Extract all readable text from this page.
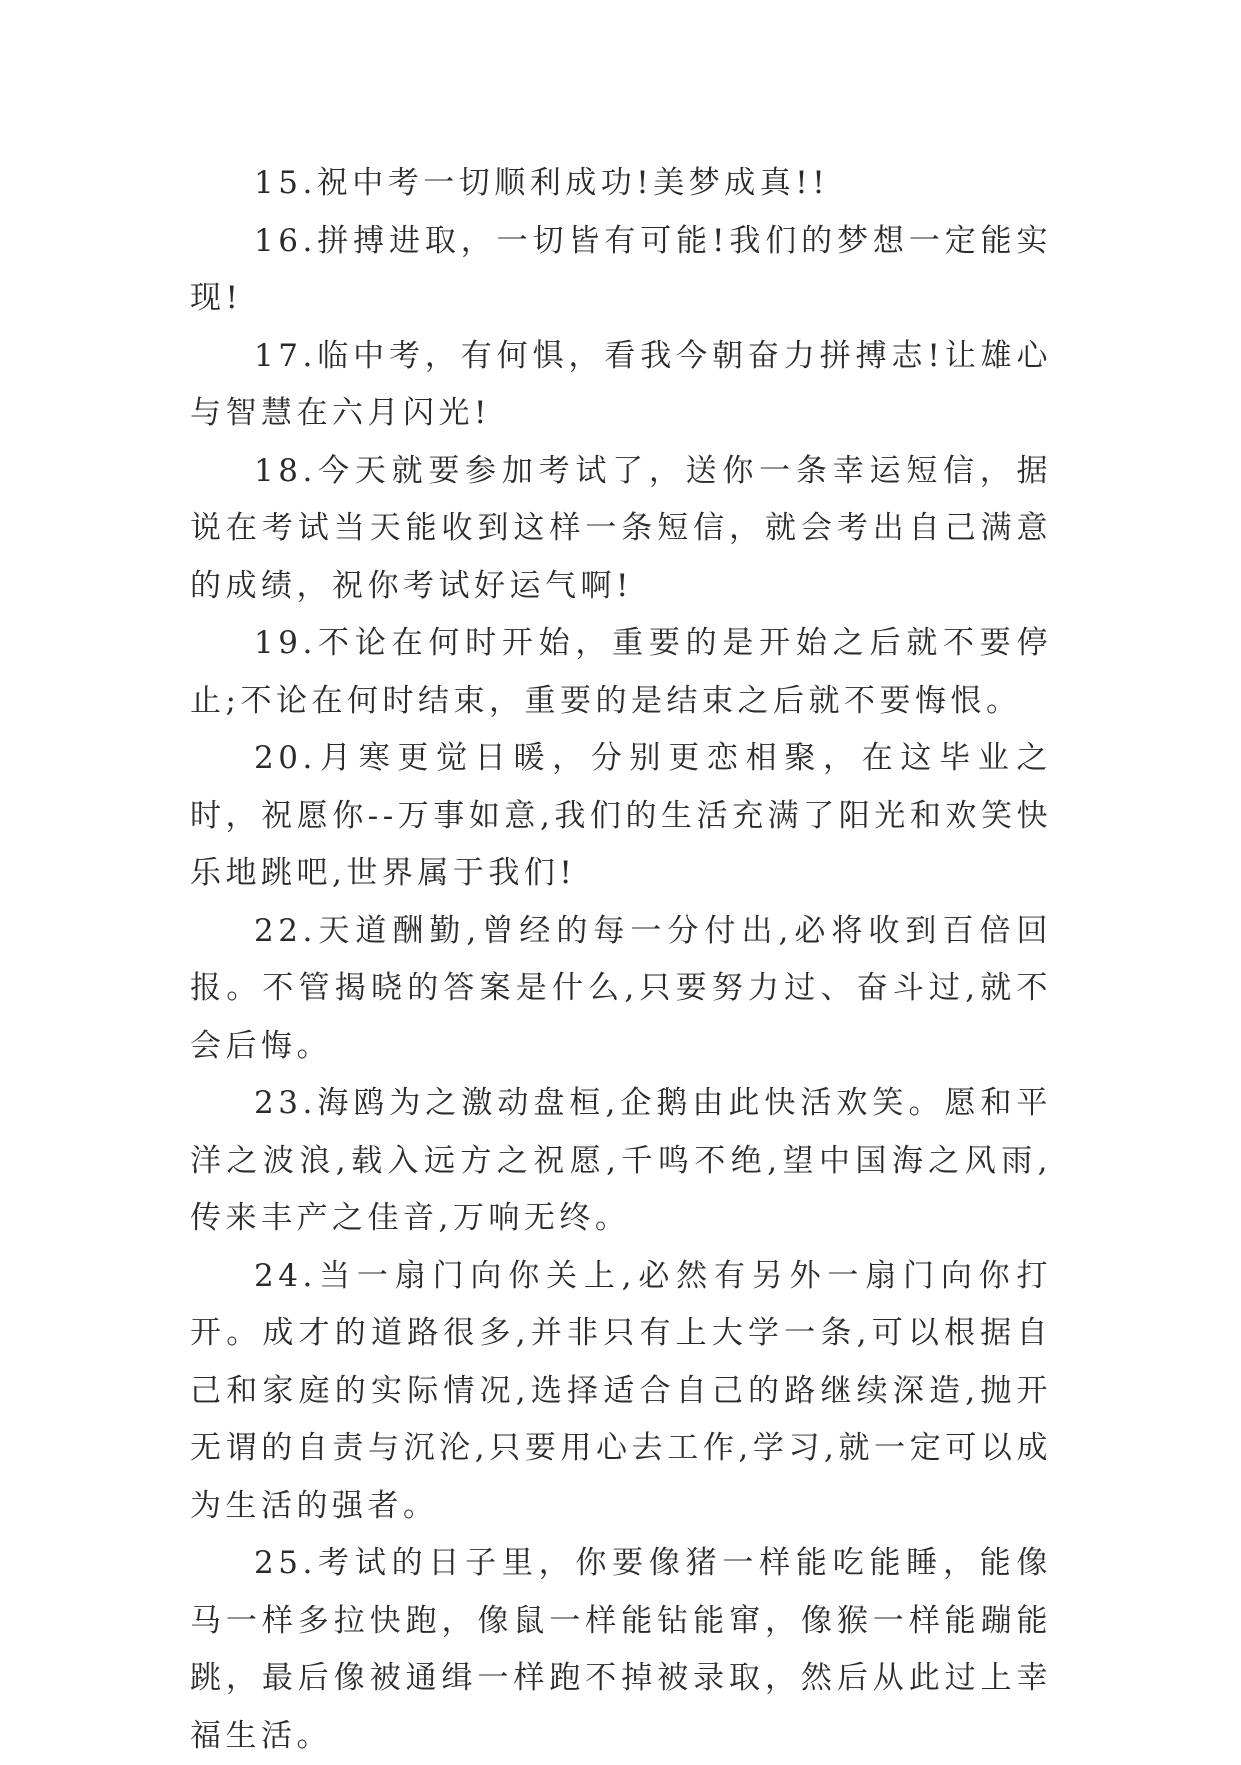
15.祝中考一切顺利成功!美梦成真!!

16.拼搏进取，一切皆有可能!我们的梦想一定能实现!

17.临中考，有何惧，看我今朝奋力拼搏志!让雄心与智慧在六月闪光!

18.今天就要参加考试了，送你一条幸运短信，据说在考试当天能收到这样一条短信，就会考出自己满意的成绩，祝你考试好运气啊!

19.不论在何时开始，重要的是开始之后就不要停止;不论在何时结束，重要的是结束之后就不要悔恨。

20.月寒更觉日暖，分别更恋相聚，在这毕业之时，祝愿你--万事如意,我们的生活充满了阳光和欢笑快乐地跳吧,世界属于我们!

22.天道酬勤,曾经的每一分付出,必将收到百倍回报。不管揭晓的答案是什么,只要努力过、奋斗过,就不会后悔。

23.海鸥为之激动盘桓,企鹅由此快活欢笑。愿和平洋之波浪,载入远方之祝愿,千鸣不绝,望中国海之风雨,传来丰产之佳音,万响无终。

24.当一扇门向你关上,必然有另外一扇门向你打开。成才的道路很多,并非只有上大学一条,可以根据自己和家庭的实际情况,选择适合自己的路继续深造,抛开无谓的自责与沉沦,只要用心去工作,学习,就一定可以成为生活的强者。

25.考试的日子里，你要像猪一样能吃能睡，能像马一样多拉快跑，像鼠一样能钻能窜，像猴一样能蹦能跳，最后像被通缉一样跑不掉被录取，然后从此过上幸福生活。
